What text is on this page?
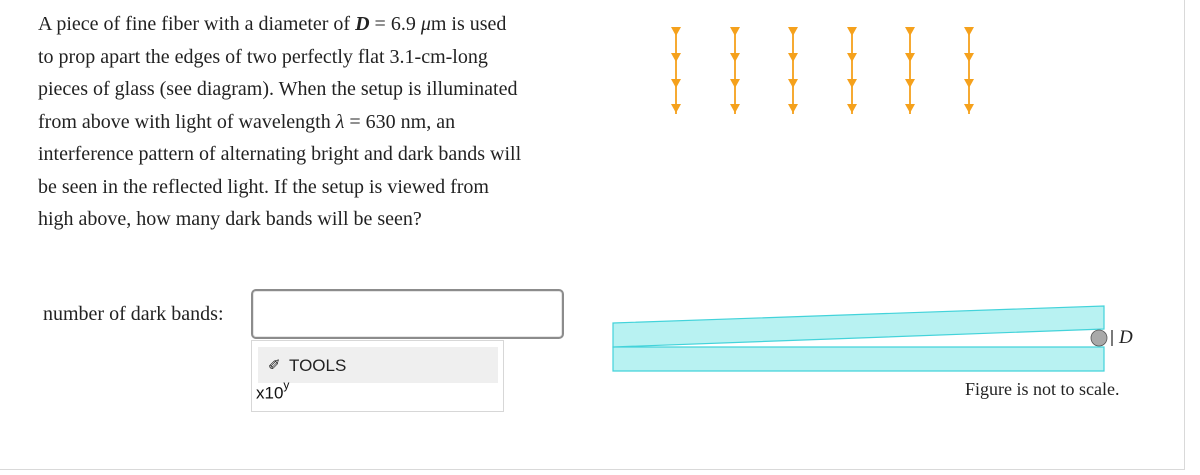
A piece of fine fiber with a diameter of D = 6.9 μm is used
to prop apart the edges of two perfectly flat 3.1-cm-long
pieces of glass (see diagram). When the setup is illuminated
from above with light of wavelength λ = 630 nm, an
interference pattern of alternating bright and dark bands will
be seen in the reflected light. If the setup is viewed from
high above, how many dark bands will be seen?
number of dark bands:
✐ TOOLS
x10$^y$
D
Figure is not to scale.
